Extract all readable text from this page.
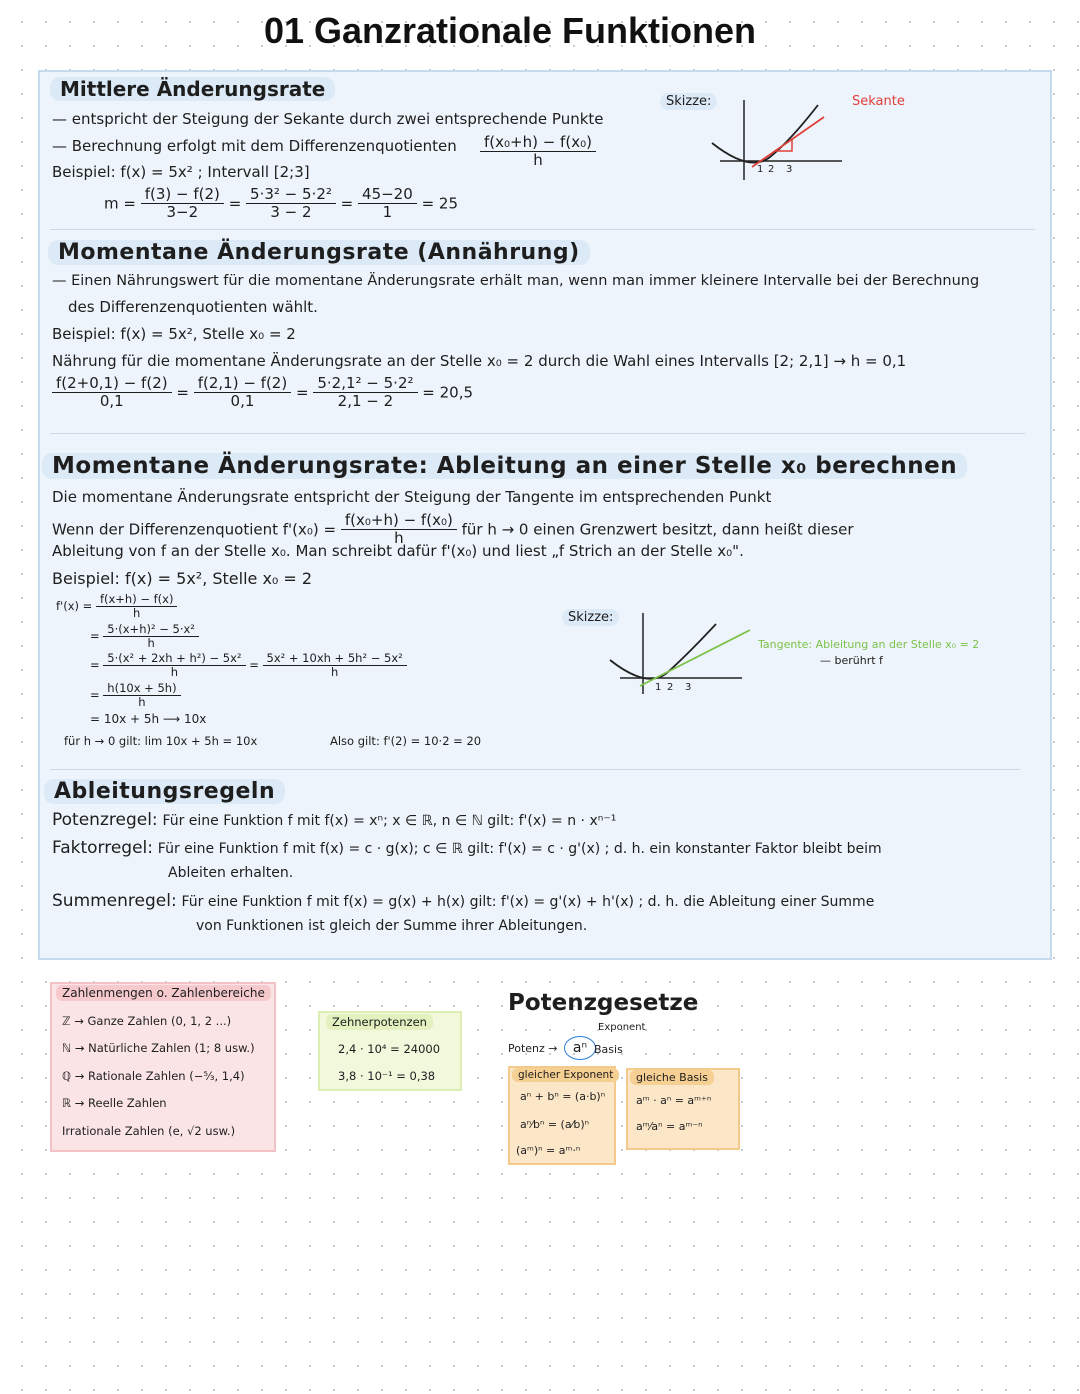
01 Ganzrationale Funktionen
Mittlere Änderungsrate
— entspricht der Steigung der Sekante durch zwei entsprechende Punkte
— Berechnung erfolgt mit dem Differenzenquotienten $\frac{\text{f(x₀+h) − f(x₀)}}{h}$
Beispiel: f(x) = 5x² ; Intervall [2;3]
$m = \frac{f(3) - f(2)}{3-2} = \frac{\text{5·3² − 5·2²}}{3 - 2} = \frac{45-20}{1} = 25$
Skizze:	Sekante
1 2 3
Momentane Änderungsrate (Annährung)
— Einen Nährungswert für die momentane Änderungsrate erhält man, wenn man immer kleinere Intervalle bei der Berechnung
des Differenzenquotienten wählt.
Beispiel: f(x) = 5x², Stelle x₀ = 2
Nährung für die momentane Änderungsrate an der Stelle x₀ = 2 durch die Wahl eines Intervalls [2; 2,1] → h = 0,1
$\frac{f(2+0,1) - f(2)}{0,1} = \frac{f(2,1) - f(2)}{0,1} = \frac{\text{5·2,1² − 5·2²}}{2,1 - 2} = 20,5$
Momentane Änderungsrate: Ableitung an einer Stelle x₀ berechnen
Die momentane Änderungsrate entspricht der Steigung der Tangente im entsprechenden Punkt
Wenn der Differenzenquotient $f'(x_0) = \frac{\text{f(x₀+h) − f(x₀)}}{h}$ für h → 0 einen Grenzwert besitzt, dann heißt dieser
Ableitung von f an der Stelle x₀. Man schreibt dafür f'(x₀) und liest „f Strich an der Stelle x₀".
Beispiel: f(x) = 5x², Stelle x₀ = 2
$f'(x) = \frac{f(x+h) - f(x)}{h}$
= $\frac{\text{5·(x+h)² − 5·x²}}{h}$
= $\frac{\text{5·(x² + 2xh + h²) − 5x²}}{h} = \frac{\text{5x² + 10xh + 5h² − 5x²}}{h}$
= $\frac{h(10x + 5h)}{h}$
= 10x + 5h ⟶ 10x
für h → 0 gilt: lim 10x + 5h = 10x	Also gilt: f'(2) = 10·2 = 20
Skizze:
1 2 3
Tangente: Ableitung an der Stelle x₀ = 2
— berührt f
Ableitungsregeln
Potenzregel: Für eine Funktion f mit f(x) = xⁿ; x ∈ ℝ, n ∈ ℕ gilt: f'(x) = n · xⁿ⁻¹
Faktorregel: Für eine Funktion f mit f(x) = c · g(x); c ∈ ℝ gilt: f'(x) = c · g'(x) ; d. h. ein konstanter Faktor bleibt beim
Ableiten erhalten.
Summenregel: Für eine Funktion f mit f(x) = g(x) + h(x) gilt: f'(x) = g'(x) + h'(x) ; d. h. die Ableitung einer Summe
von Funktionen ist gleich der Summe ihrer Ableitungen.
Zahlenmengen o. Zahlenbereiche
ℤ → Ganze Zahlen (0, 1, 2 ...)
ℕ → Natürliche Zahlen (1; 8 usw.)
ℚ → Rationale Zahlen (−⁵⁄₃, 1,4)
ℝ → Reelle Zahlen
Irrationale Zahlen (e, √2 usw.)
Zehnerpotenzen
2,4 · 10⁴ = 24000
3,8 · 10⁻¹ = 0,38
Potenzgesetze
Potenz →	aⁿ
Exponent
Basis
gleicher Exponent
aⁿ + bⁿ = (a·b)ⁿ
aⁿ⁄bⁿ = (a⁄b)ⁿ
(aᵐ)ⁿ = aᵐ·ⁿ
gleiche Basis
aᵐ · aⁿ = aᵐ⁺ⁿ
aᵐ⁄aⁿ = aᵐ⁻ⁿ
